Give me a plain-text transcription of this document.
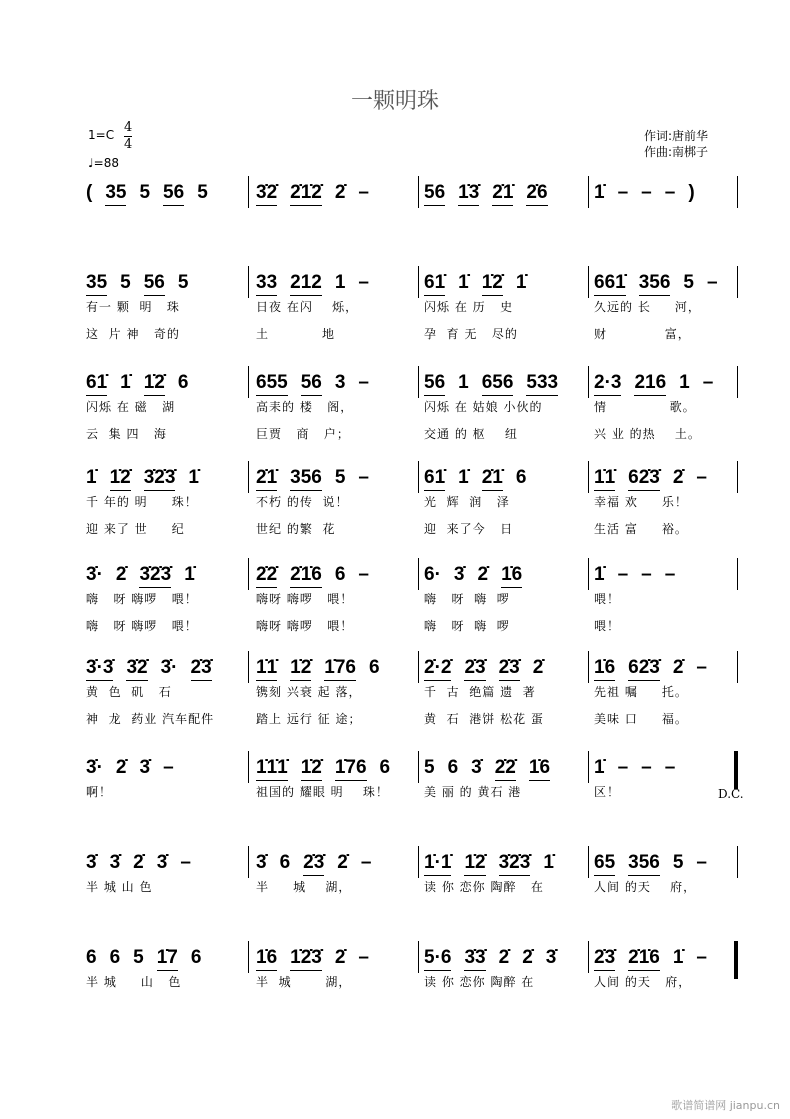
一颗明珠
1=C 4
4
♩=88
作词:唐前华
作曲:南梆子
( 35 5 56 5	3̇2̇ 2̇1̇2̇ 2̇ –	56 1̇3̇ 2̇1̇ 2̇6 1̇ – – – )
35 5 56 5
有一 颗  明   珠
这  片 神   奇的
33 212 1 –
日夜 在闪    烁，
土           地
61̇ 1̇ 1̇2̇ 1̇
闪烁 在 历   史
孕  育 无   尽的
661̇ 356 5 –
久远的 长     河，
财            富，
61̇ 1̇ 1̇2̇ 6
闪烁 在 磁   湖
云  集 四   海
655 56 3 –
高耒的 楼   阁，
巨贾   商   户；
56 1 656 533
闪烁 在 姑娘 小伙的
交通 的 枢    纽
2·3 216 1 –
情             歌。
兴 业 的热    土。
1̇ 1̇2̇ 3̇2̇3̇ 1̇
千 年的 明     珠！
迎 来了 世     纪
2̇1̇ 356 5 –
不朽 的传  说！
世纪 的繁  花
61̇ 1̇ 2̇1̇ 6
光  辉  润   泽
迎  来了今   日
1̇1̇ 62̇3̇ 2̇ –
幸福 欢     乐！
生活 富     裕。
3̇· 2̇ 3̇2̇3̇ 1̇
嗨   呀 嗨啰   喂！
嗨   呀 嗨啰   喂！
2̇2̇ 2̇1̇6 6 –
嗨呀 嗨啰   喂！
嗨呀 嗨啰   喂！
6· 3̇ 2̇ 1̇6
嗨   呀  嗨  啰
嗨   呀  嗨  啰
1̇ – – –
喂！
喂！
3̇·3̇ 3̇2̇ 3̇· 2̇3̇
黄  色  矶   石
神  龙  药业 汽车配件
1̇1̇ 1̇2̇ 1̇76 6
镌刻 兴衰 起 落，
踏上 远行 征 途；
2̇·2̇ 2̇3̇ 2̇3̇ 2̇
千  古  绝篇 遗  著
黄  石  港饼 松花 蛋
1̇6 62̇3̇ 2̇ –
先祖 嘱     托。
美味 口     福。
3̇· 2̇ 3̇ –
啊！
1̇1̇1̇ 1̇2̇ 1̇76 6
祖国的 耀眼 明    珠！
5 6 3̇ 2̇2̇ 1̇6
美 丽 的 黄石 港
1̇ – – –
区！	D.C.
3̇ 3̇ 2̇ 3̇ –
半 城 山 色
3̇ 6 2̇3̇ 2̇ –
半     城    湖，
1̇·1̇ 1̇2̇ 3̇2̇3̇ 1̇
读 你 恋你 陶醉   在
65 356 5 –
人间 的天    府，
6 6 5 1̇7 6
半 城     山   色
1̇6 1̇2̇3̇ 2̇ –
半  城       湖，
5·6 3̇3̇ 2̇ 2̇ 3̇
读 你 恋你 陶醉 在
2̇3̇ 2̇1̇6 1̇ –
人间 的天   府，
歌谱简谱网 jianpu.cn
